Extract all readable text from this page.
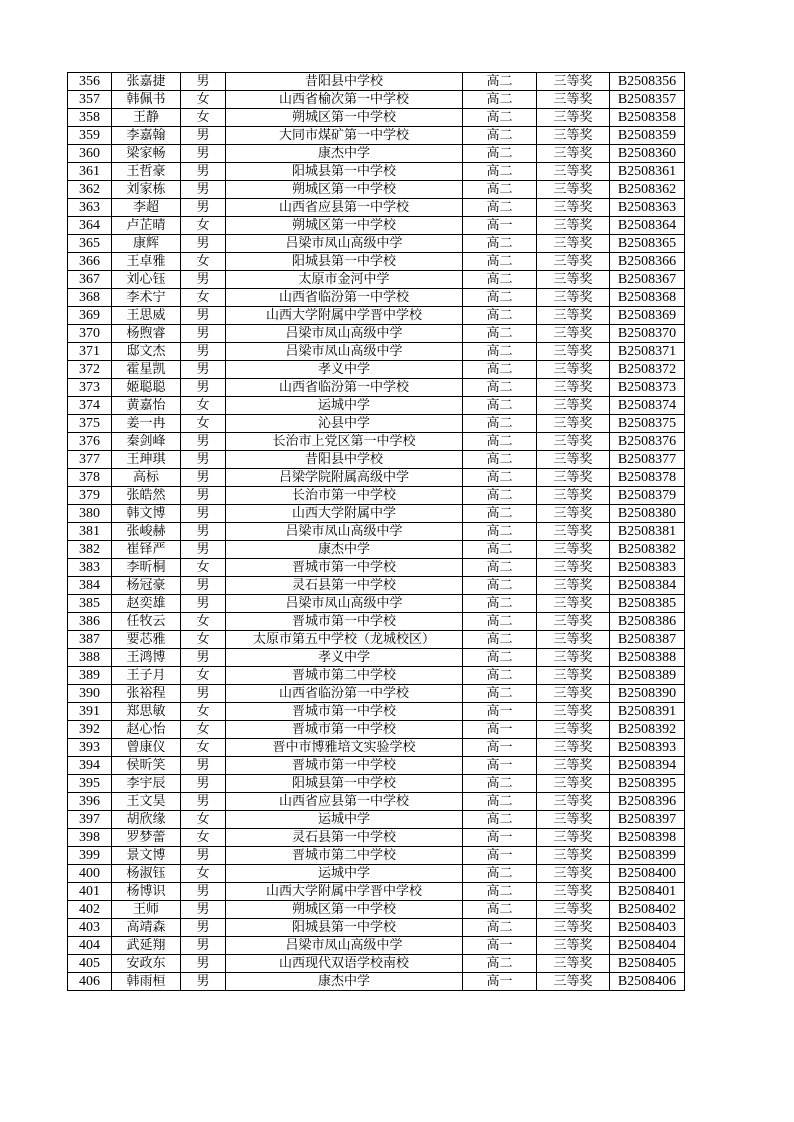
356	张嘉捷	男	昔阳县中学校	高二	三等奖	B2508356
357	韩佩书	女	山西省榆次第一中学校	高二	三等奖	B2508357
358	王静	女	朔城区第一中学校	高二	三等奖	B2508358
359	李嘉翰	男	大同市煤矿第一中学校	高二	三等奖	B2508359
360	梁家畅	男	康杰中学	高二	三等奖	B2508360
361	王哲豪	男	阳城县第一中学校	高二	三等奖	B2508361
362	刘家栋	男	朔城区第一中学校	高二	三等奖	B2508362
363	李超	男	山西省应县第一中学校	高二	三等奖	B2508363
364	卢芷晴	女	朔城区第一中学校	高一	三等奖	B2508364
365	康辉	男	吕梁市凤山高级中学	高二	三等奖	B2508365
366	王卓雅	女	阳城县第一中学校	高二	三等奖	B2508366
367	刘心钰	男	太原市金河中学	高二	三等奖	B2508367
368	李术宁	女	山西省临汾第一中学校	高二	三等奖	B2508368
369	王思威	男	山西大学附属中学晋中学校	高二	三等奖	B2508369
370	杨煦睿	男	吕梁市凤山高级中学	高二	三等奖	B2508370
371	邸文杰	男	吕梁市凤山高级中学	高二	三等奖	B2508371
372	霍星凯	男	孝义中学	高二	三等奖	B2508372
373	姬聪聪	男	山西省临汾第一中学校	高二	三等奖	B2508373
374	黄嘉怡	女	运城中学	高二	三等奖	B2508374
375	姜一冉	女	沁县中学	高二	三等奖	B2508375
376	秦剑峰	男	长治市上党区第一中学校	高二	三等奖	B2508376
377	王珅琪	男	昔阳县中学校	高二	三等奖	B2508377
378	高标	男	吕梁学院附属高级中学	高二	三等奖	B2508378
379	张皓然	男	长治市第一中学校	高二	三等奖	B2508379
380	韩文博	男	山西大学附属中学	高二	三等奖	B2508380
381	张峻赫	男	吕梁市凤山高级中学	高二	三等奖	B2508381
382	崔铎严	男	康杰中学	高二	三等奖	B2508382
383	李昕桐	女	晋城市第一中学校	高二	三等奖	B2508383
384	杨冠豪	男	灵石县第一中学校	高二	三等奖	B2508384
385	赵奕雄	男	吕梁市凤山高级中学	高二	三等奖	B2508385
386	任牧云	女	晋城市第一中学校	高二	三等奖	B2508386
387	要芯雅	女	太原市第五中学校（龙城校区）	高二	三等奖	B2508387
388	王鸿博	男	孝义中学	高二	三等奖	B2508388
389	王子月	女	晋城市第二中学校	高二	三等奖	B2508389
390	张裕程	男	山西省临汾第一中学校	高二	三等奖	B2508390
391	郑思敏	女	晋城市第一中学校	高一	三等奖	B2508391
392	赵心怡	女	晋城市第一中学校	高一	三等奖	B2508392
393	曾康仪	女	晋中市博雅培文实验学校	高一	三等奖	B2508393
394	侯昕笑	男	晋城市第一中学校	高一	三等奖	B2508394
395	李宇辰	男	阳城县第一中学校	高二	三等奖	B2508395
396	王文昊	男	山西省应县第一中学校	高二	三等奖	B2508396
397	胡欣缘	女	运城中学	高二	三等奖	B2508397
398	罗梦蕾	女	灵石县第一中学校	高一	三等奖	B2508398
399	景文博	男	晋城市第二中学校	高一	三等奖	B2508399
400	杨淑钰	女	运城中学	高二	三等奖	B2508400
401	杨博识	男	山西大学附属中学晋中学校	高二	三等奖	B2508401
402	王师	男	朔城区第一中学校	高二	三等奖	B2508402
403	高靖森	男	阳城县第一中学校	高二	三等奖	B2508403
404	武延翔	男	吕梁市凤山高级中学	高一	三等奖	B2508404
405	安政东	男	山西现代双语学校南校	高二	三等奖	B2508405
406	韩雨桓	男	康杰中学	高一	三等奖	B2508406
